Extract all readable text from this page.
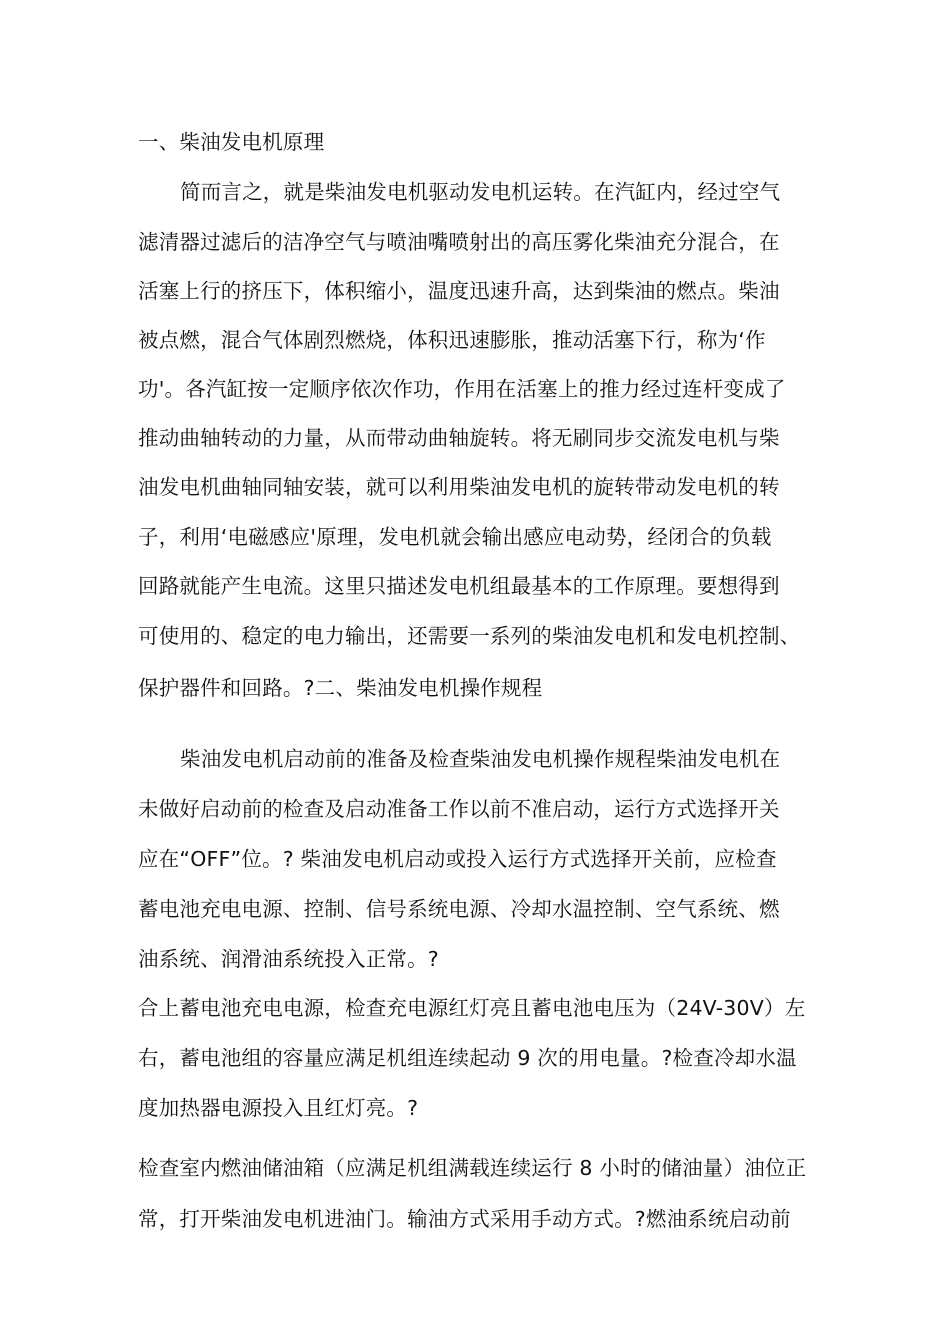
一、柴油发电机原理
简而言之，就是柴油发电机驱动发电机运转。在汽缸内，经过空气
滤清器过滤后的洁净空气与喷油嘴喷射出的高压雾化柴油充分混合，在
活塞上行的挤压下，体积缩小，温度迅速升高，达到柴油的燃点。柴油
被点燃，混合气体剧烈燃烧，体积迅速膨胀，推动活塞下行，称为‘作
功'。各汽缸按一定顺序依次作功，作用在活塞上的推力经过连杆变成了
推动曲轴转动的力量，从而带动曲轴旋转。将无刷同步交流发电机与柴
油发电机曲轴同轴安装，就可以利用柴油发电机的旋转带动发电机的转
子，利用‘电磁感应'原理，发电机就会输出感应电动势，经闭合的负载
回路就能产生电流。这里只描述发电机组最基本的工作原理。要想得到
可使用的、稳定的电力输出，还需要一系列的柴油发电机和发电机控制、
保护器件和回路。?二、柴油发电机操作规程
柴油发电机启动前的准备及检查柴油发电机操作规程柴油发电机在
未做好启动前的检查及启动准备工作以前不准启动，运行方式选择开关
应在“OFF”位。? 柴油发电机启动或投入运行方式选择开关前，应检查
蓄电池充电电源、控制、信号系统电源、冷却水温控制、空气系统、燃
油系统、润滑油系统投入正常。?
合上蓄电池充电电源，检查充电源红灯亮且蓄电池电压为（24V-30V）左
右，蓄电池组的容量应满足机组连续起动 9 次的用电量。?检查冷却水温
度加热器电源投入且红灯亮。?
检查室内燃油储油箱（应满足机组满载连续运行 8 小时的储油量）油位正
常，打开柴油发电机进油门。输油方式采用手动方式。?燃油系统启动前
